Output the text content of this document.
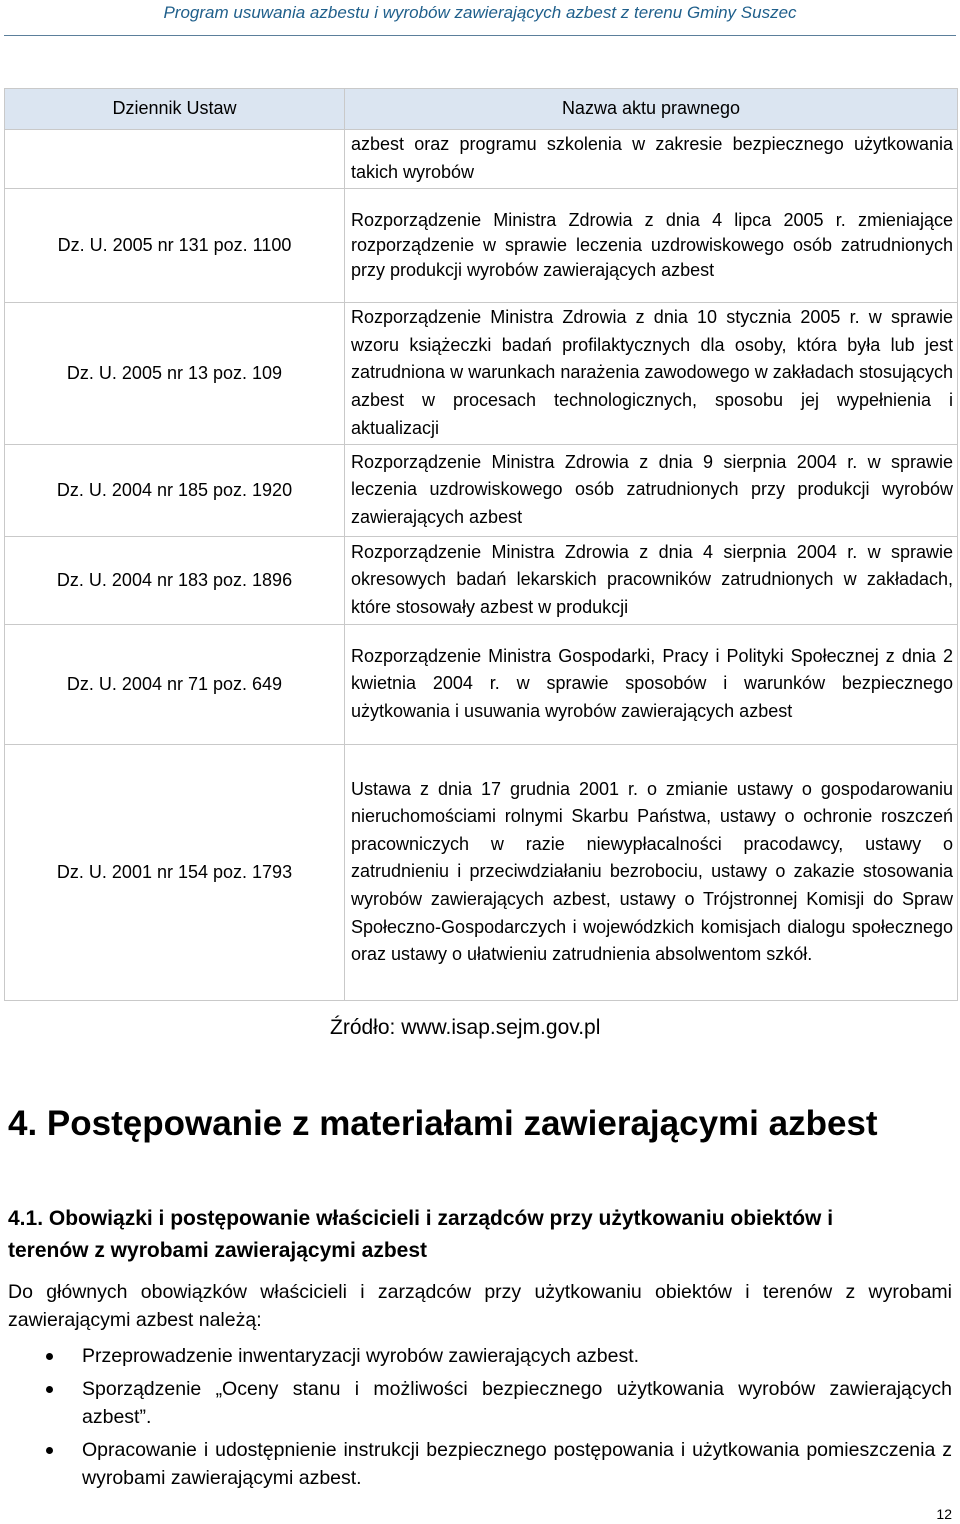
Program usuwania azbestu i wyrobów zawierających azbest z terenu Gminy Suszec
Dziennik Ustaw	Nazwa aktu prawnego
	azbest oraz programu szkolenia w zakresie bezpiecznego użytkowania takich wyrobów
Dz. U. 2005 nr 131 poz. 1100	Rozporządzenie Ministra Zdrowia z dnia 4 lipca 2005 r. zmieniające rozporządzenie w sprawie leczenia uzdrowiskowego osób zatrudnionych przy produkcji wyrobów zawierających azbest
Dz. U. 2005 nr 13 poz. 109	Rozporządzenie Ministra Zdrowia z dnia 10 stycznia 2005 r. w sprawie wzoru książeczki badań profilaktycznych dla osoby, która była lub jest zatrudniona w warunkach narażenia zawodowego w zakładach stosujących azbest w procesach technologicznych, sposobu jej wypełnienia i aktualizacji
Dz. U. 2004 nr 185 poz. 1920	Rozporządzenie Ministra Zdrowia z dnia 9 sierpnia 2004 r. w sprawie leczenia uzdrowiskowego osób zatrudnionych przy produkcji wyrobów zawierających azbest
Dz. U. 2004 nr 183 poz. 1896	Rozporządzenie Ministra Zdrowia z dnia 4 sierpnia 2004 r. w sprawie okresowych badań lekarskich pracowników zatrudnionych w zakładach, które stosowały azbest w produkcji
Dz. U. 2004 nr 71 poz. 649	Rozporządzenie Ministra Gospodarki, Pracy i Polityki Społecznej z dnia 2 kwietnia 2004 r. w sprawie sposobów i warunków bezpiecznego użytkowania i usuwania wyrobów zawierających azbest
Dz. U. 2001 nr 154 poz. 1793	Ustawa z dnia 17 grudnia 2001 r. o zmianie ustawy o gospodarowaniu nieruchomościami rolnymi Skarbu Państwa, ustawy o ochronie roszczeń pracowniczych w razie niewypłacalności pracodawcy, ustawy o zatrudnieniu i przeciwdziałaniu bezrobociu, ustawy o zakazie stosowania wyrobów zawierających azbest, ustawy o Trójstronnej Komisji do Spraw Społeczno-Gospodarczych i wojewódzkich komisjach dialogu społecznego oraz ustawy o ułatwieniu zatrudnienia absolwentom szkół.
Źródło: www.isap.sejm.gov.pl
4. Postępowanie z materiałami zawierającymi azbest
4.1. Obowiązki i postępowanie właścicieli i zarządców przy użytkowaniu obiektów i terenów z wyrobami zawierającymi azbest
Do głównych obowiązków właścicieli i zarządców przy użytkowaniu obiektów i terenów z wyrobami zawierającymi azbest należą:
Przeprowadzenie inwentaryzacji wyrobów zawierających azbest.
Sporządzenie „Oceny stanu i możliwości bezpiecznego użytkowania wyrobów zawierających azbest”.
Opracowanie i udostępnienie instrukcji bezpiecznego postępowania i użytkowania pomieszczenia z wyrobami zawierającymi azbest.
12
